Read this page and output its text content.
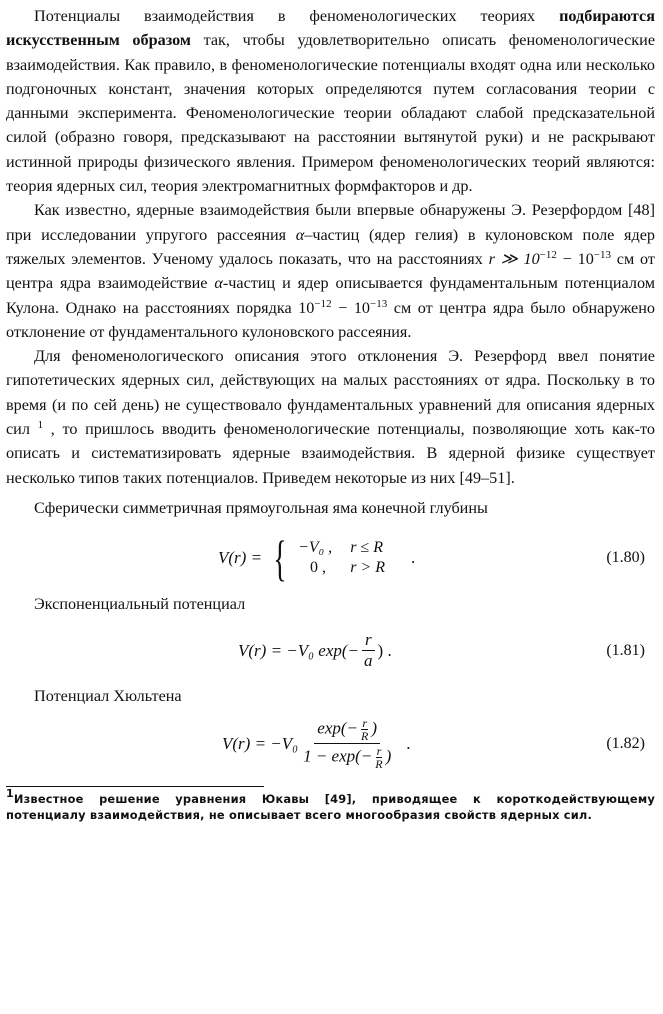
Потенциалы взаимодействия в феноменологических теориях подбираются искусственным образом так, чтобы удовлетворительно описать феноменологические взаимодействия. Как правило, в феноменологические потенциалы входят одна или несколько подгоночных констант, значения которых определяются путем согласования теории с данными эксперимента. Феноменологические теории обладают слабой предсказательной силой (образно говоря, предсказывают на расстоянии вытянутой руки) и не раскрывают истинной природы физического явления. Примером феноменологических теорий являются: теория ядерных сил, теория электромагнитных формфакторов и др.

Как известно, ядерные взаимодействия были впервые обнаружены Э. Резерфордом [48] при исследовании упругого рассеяния α–частиц (ядер гелия) в кулоновском поле ядер тяжелых элементов. Ученому удалось показать, что на расстояниях r ≫ $10^{-12} - 10^{-13}$ см от центра ядра взаимодействие α-частиц и ядер описывается фундаментальным потенциалом Кулона. Однако на расстояниях порядка $10^{-12} - 10^{-13}$ см от центра ядра было обнаружено отклонение от фундаментального кулоновского рассеяния.

Для феноменологического описания этого отклонения Э. Резерфорд ввел понятие гипотетических ядерных сил, действующих на малых расстояниях от ядра. Поскольку в то время (и по сей день) не существовало фундаментальных уравнений для описания ядерных сил $^1$ , то пришлось вводить феноменологические потенциалы, позволяющие хоть как-то описать и систематизировать ядерные взаимодействия. В ядерной физике существует несколько типов таких потенциалов. Приведем некоторые из них [49–51].

Сферически симметричная прямоугольная яма конечной глубины

V(r) = { −V₀ , r ≤ R
0 ,	r > R
.	(1.80)

Экспоненциальный потенциал

V(r) = −V₀ $\exp(- \frac{r}{a}$ ) .	(1.81)

Потенциал Хюльтена

$V(r) = -V_0 \frac{\exp(- \frac{r}{R} )}{1 - \exp(- \frac{r}{R} )}$ .	(1.82)

$^1$Известное решение уравнения Юкавы [49], приводящее к короткодействующему потенциалу взаимодействия, не описывает всего многообразия свойств ядерных сил.
